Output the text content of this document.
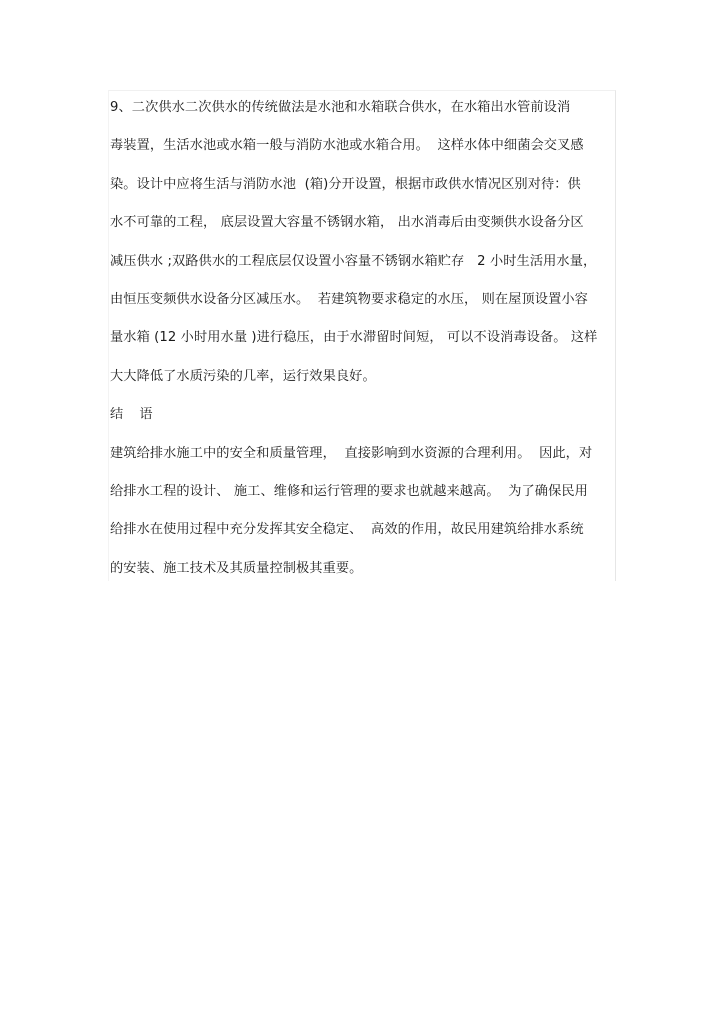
9、二次供水二次供水的传统做法是水池和水箱联合供水，在水箱出水管前设消
毒装置，生活水池或水箱一般与消防水池或水箱合用。  这样水体中细菌会交叉感
染。设计中应将生活与消防水池  (箱)分开设置，根据市政供水情况区别对待：供
水不可靠的工程， 底层设置大容量不锈钢水箱， 出水消毒后由变频供水设备分区
减压供水 ;双路供水的工程底层仅设置小容量不锈钢水箱贮存   2 小时生活用水量，
由恒压变频供水设备分区减压水。  若建筑物要求稳定的水压， 则在屋顶设置小容
量水箱 (12 小时用水量 )进行稳压，由于水滞留时间短， 可以不设消毒设备。 这样
大大降低了水质污染的几率，运行效果良好。
结 语
建筑给排水施工中的安全和质量管理，  直接影响到水资源的合理利用。  因此，对
给排水工程的设计、 施工、维修和运行管理的要求也就越来越高。  为了确保民用
给排水在使用过程中充分发挥其安全稳定、  高效的作用，故民用建筑给排水系统
的安装、施工技术及其质量控制极其重要。
